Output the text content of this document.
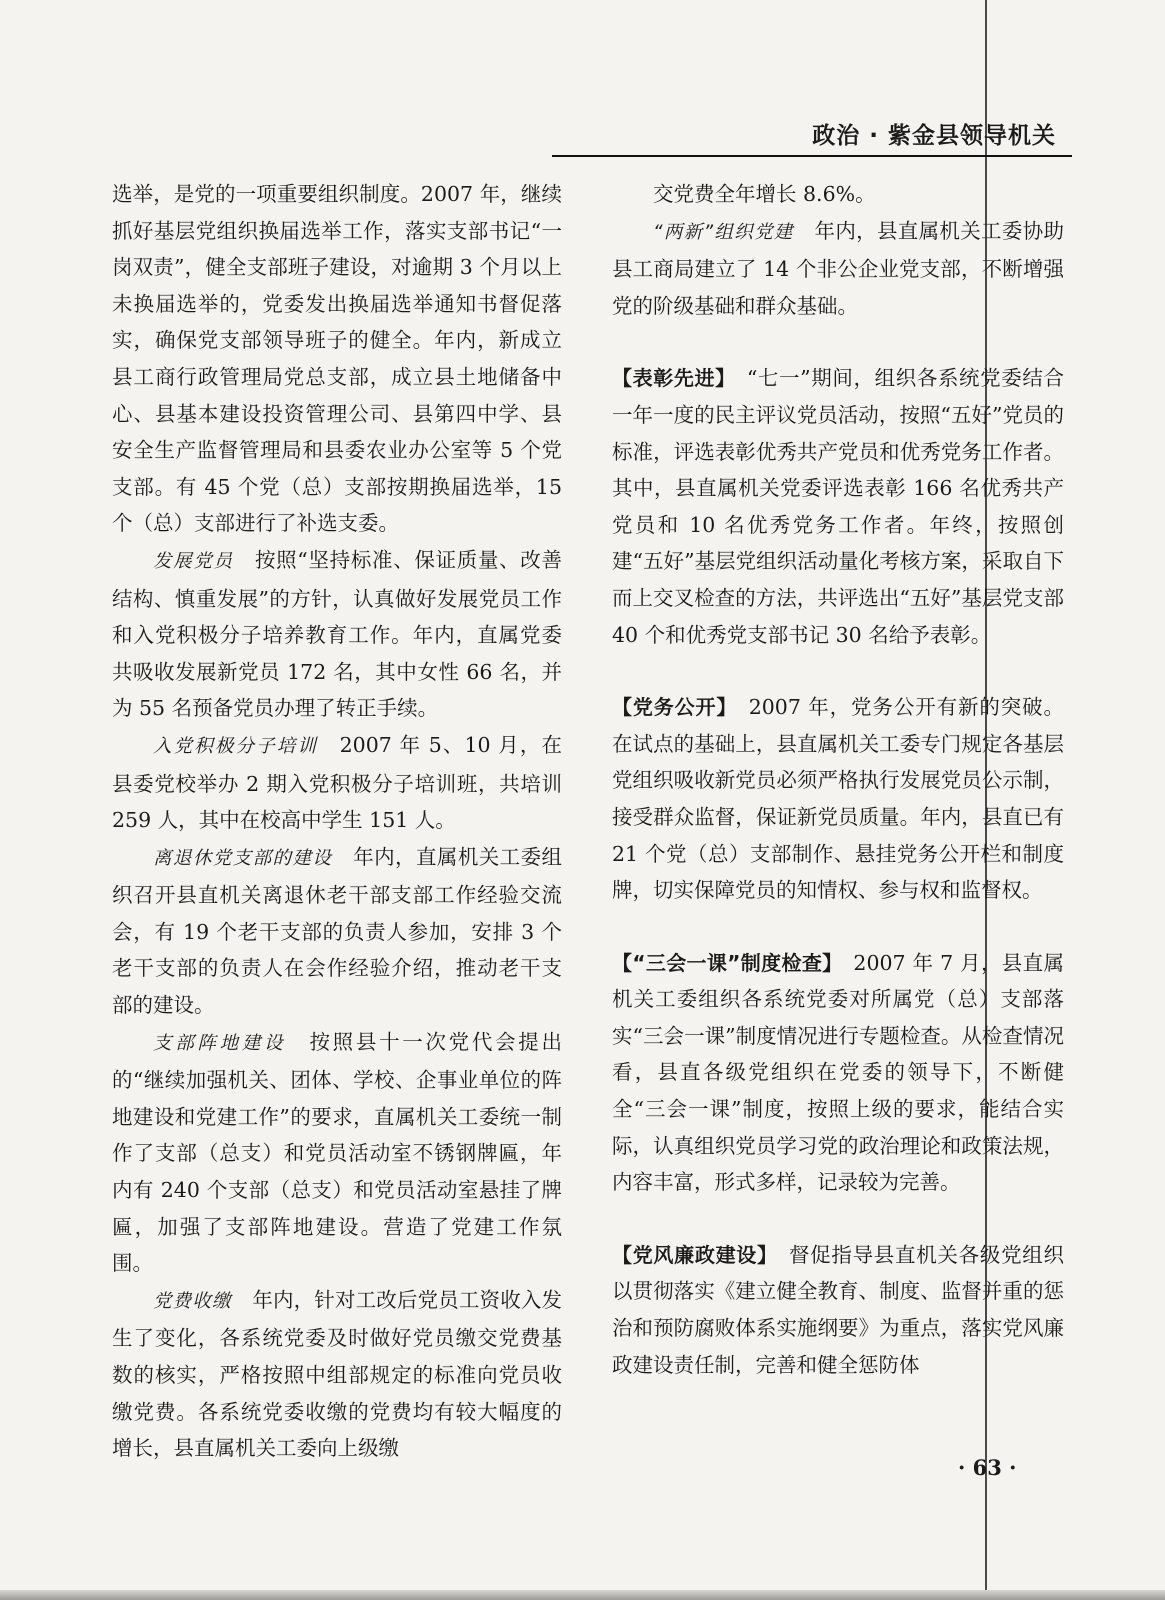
政治 · 紫金县领导机关

选举，是党的一项重要组织制度。2007 年，继续抓好基层党组织换届选举工作，落实支部书记“一岗双责”，健全支部班子建设，对逾期 3 个月以上未换届选举的，党委发出换届选举通知书督促落实，确保党支部领导班子的健全。年内，新成立县工商行政管理局党总支部，成立县土地储备中心、县基本建设投资管理公司、县第四中学、县安全生产监督管理局和县委农业办公室等 5 个党支部。有 45 个党（总）支部按期换届选举，15 个（总）支部进行了补选支委。

发展党员　 按照“坚持标准、保证质量、改善结构、慎重发展”的方针，认真做好发展党员工作和入党积极分子培养教育工作。年内，直属党委共吸收发展新党员 172 名，其中女性 66 名，并为 55 名预备党员办理了转正手续。

入党积极分子培训　 2007 年 5、10 月，在县委党校举办 2 期入党积极分子培训班，共培训 259 人，其中在校高中学生 151 人。

离退休党支部的建设　 年内，直属机关工委组织召开县直机关离退休老干部支部工作经验交流会，有 19 个老干支部的负责人参加，安排 3 个老干支部的负责人在会作经验介绍，推动老干支部的建设。

支部阵地建设　 按照县十一次党代会提出的“继续加强机关、团体、学校、企事业单位的阵地建设和党建工作”的要求，直属机关工委统一制作了支部（总支）和党员活动室不锈钢牌匾，年内有 240 个支部（总支）和党员活动室悬挂了牌匾，加强了支部阵地建设。营造了党建工作氛围。

党费收缴　 年内，针对工改后党员工资收入发生了变化，各系统党委及时做好党员缴交党费基数的核实，严格按照中组部规定的标准向党员收缴党费。各系统党委收缴的党费均有较大幅度的增长，县直属机关工委向上级缴

交党费全年增长 8.6%。

“两新”组织党建　 年内，县直属机关工委协助县工商局建立了 14 个非公企业党支部，不断增强党的阶级基础和群众基础。

【表彰先进】　 “七一”期间，组织各系统党委结合一年一度的民主评议党员活动，按照“五好”党员的标准，评选表彰优秀共产党员和优秀党务工作者。其中，县直属机关党委评选表彰 166 名优秀共产党员和 10 名优秀党务工作者。年终，按照创建“五好”基层党组织活动量化考核方案，采取自下而上交叉检查的方法，共评选出“五好”基层党支部 40 个和优秀党支部书记 30 名给予表彰。

【党务公开】　 2007 年，党务公开有新的突破。在试点的基础上，县直属机关工委专门规定各基层党组织吸收新党员必须严格执行发展党员公示制，接受群众监督，保证新党员质量。年内，县直已有 21 个党（总）支部制作、悬挂党务公开栏和制度牌，切实保障党员的知情权、参与权和监督权。

【“三会一课”制度检查】　 2007 年 7 月，县直属机关工委组织各系统党委对所属党（总）支部落实“三会一课”制度情况进行专题检查。从检查情况看，县直各级党组织在党委的领导下，不断健全“三会一课”制度，按照上级的要求，能结合实际，认真组织党员学习党的政治理论和政策法规，内容丰富，形式多样，记录较为完善。

【党风廉政建设】　 督促指导县直机关各级党组织以贯彻落实《建立健全教育、制度、监督并重的惩治和预防腐败体系实施纲要》为重点，落实党风廉政建设责任制，完善和健全惩防体

· 63 ·
